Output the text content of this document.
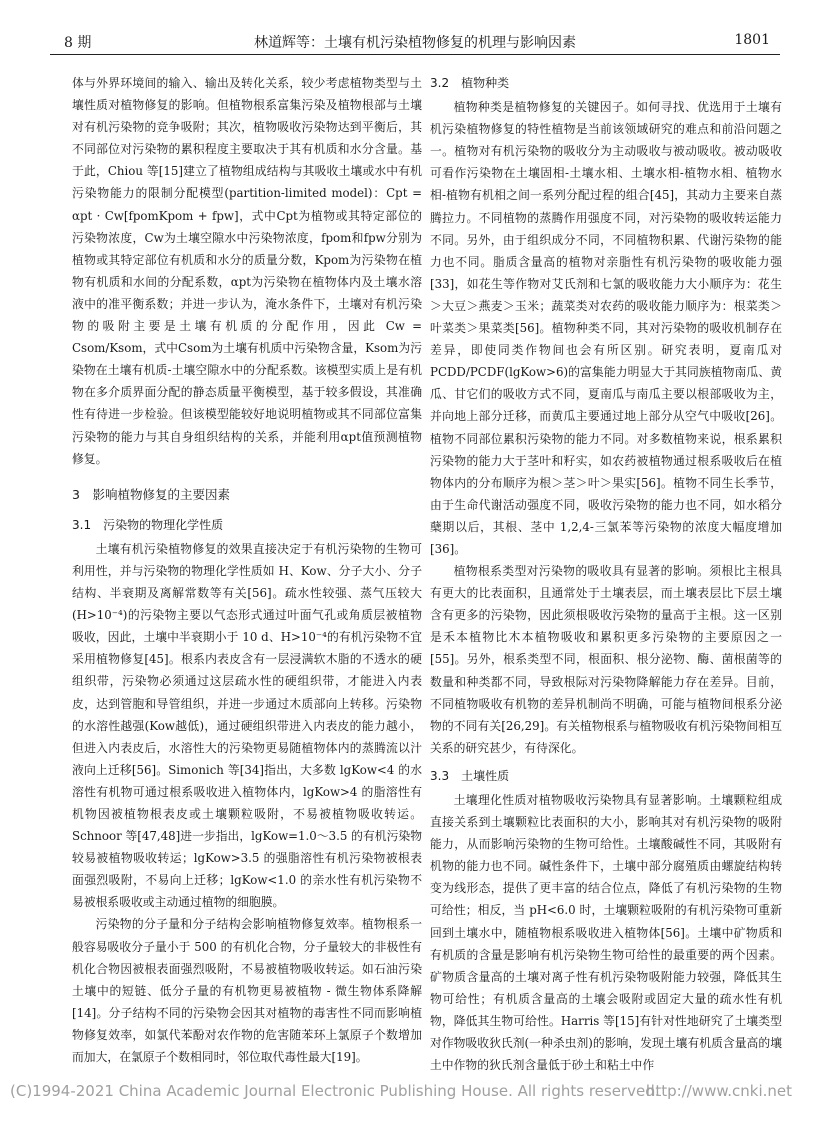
8 期	林道辉等：土壤有机污染植物修复的机理与影响因素	1801

体与外界环境间的输入、输出及转化关系，较少考虑植物类型与土壤性质对植物修复的影响。但植物根系富集污染及植物根部与土壤对有机污染物的竞争吸附；其次，植物吸收污染物达到平衡后，其不同部位对污染物的累积程度主要取决于其有机质和水分含量。基于此，Chiou 等[15]建立了植物组成结构与其吸收土壤或水中有机污染物能力的限制分配模型(partition-limited model)：Cpt = αpt · Cw[fpomKpom + fpw]，式中Cpt为植物或其特定部位的污染物浓度，Cw为土壤空隙水中污染物浓度，fpom和fpw分别为植物或其特定部位有机质和水分的质量分数，Kpom为污染物在植物有机质和水间的分配系数，αpt为污染物在植物体内及土壤水溶液中的准平衡系数；并进一步认为，淹水条件下，土壤对有机污染物的吸附主要是土壤有机质的分配作用，因此 Cw = Csom/Ksom，式中Csom为土壤有机质中污染物含量，Ksom为污染物在土壤有机质-土壤空隙水中的分配系数。该模型实质上是有机物在多介质界面分配的静态质量平衡模型，基于较多假设，其准确性有待进一步检验。但该模型能较好地说明植物或其不同部位富集污染物的能力与其自身组织结构的关系，并能利用αpt值预测植物修复。

3　影响植物修复的主要因素
3.1　污染物的物理化学性质

土壤有机污染植物修复的效果直接决定于有机污染物的生物可利用性，并与污染物的物理化学性质如 H、Kow、分子大小、分子结构、半衰期及离解常数等有关[56]。疏水性较强、蒸气压较大(H>10⁻⁴)的污染物主要以气态形式通过叶面气孔或角质层被植物吸收，因此，土壤中半衰期小于 10 d、H>10⁻⁴的有机污染物不宜采用植物修复[45]。根系内表皮含有一层浸满软木脂的不透水的硬组织带，污染物必须通过这层疏水性的硬组织带，才能进入内表皮，达到管胞和导管组织，并进一步通过木质部向上转移。污染物的水溶性越强(Kow越低)，通过硬组织带进入内表皮的能力越小，但进入内表皮后，水溶性大的污染物更易随植物体内的蒸腾流以汁液向上迁移[56]。Simonich 等[34]指出，大多数 lgKow<4 的水溶性有机物可通过根系吸收进入植物体内，lgKow>4 的脂溶性有机物因被植物根表皮或土壤颗粒吸附，不易被植物吸收转运。Schnoor 等[47,48]进一步指出，lgKow=1.0～3.5 的有机污染物较易被植物吸收转运；lgKow>3.5 的强脂溶性有机污染物被根表面强烈吸附，不易向上迁移；lgKow<1.0 的亲水性有机污染物不易被根系吸收或主动通过植物的细胞膜。

污染物的分子量和分子结构会影响植物修复效率。植物根系一般容易吸收分子量小于 500 的有机化合物，分子量较大的非极性有机化合物因被根表面强烈吸附，不易被植物吸收转运。如石油污染土壤中的短链、低分子量的有机物更易被植物 - 微生物体系降解[14]。分子结构不同的污染物会因其对植物的毒害性不同而影响植物修复效率，如氯代苯酚对农作物的危害随苯环上氯原子个数增加而加大，在氯原子个数相同时，邻位取代毒性最大[19]。

3.2　植物种类

植物种类是植物修复的关键因子。如何寻找、优选用于土壤有机污染植物修复的特性植物是当前该领域研究的难点和前沿问题之一。植物对有机污染物的吸收分为主动吸收与被动吸收。被动吸收可看作污染物在土壤固相-土壤水相、土壤水相-植物水相、植物水相-植物有机相之间一系列分配过程的组合[45]，其动力主要来自蒸腾拉力。不同植物的蒸腾作用强度不同，对污染物的吸收转运能力不同。另外，由于组织成分不同，不同植物积累、代谢污染物的能力也不同。脂质含量高的植物对亲脂性有机污染物的吸收能力强[33]，如花生等作物对艾氏剂和七氯的吸收能力大小顺序为：花生＞大豆＞燕麦＞玉米；蔬菜类对农药的吸收能力顺序为：根菜类＞叶菜类＞果菜类[56]。植物种类不同，其对污染物的吸收机制存在差异，即使同类作物间也会有所区别。研究表明，夏南瓜对 PCDD/PCDF(lgKow>6)的富集能力明显大于其同族植物南瓜、黄瓜、甘它们的吸收方式不同，夏南瓜与南瓜主要以根部吸收为主，并向地上部分迁移，而黄瓜主要通过地上部分从空气中吸收[26]。植物不同部位累积污染物的能力不同。对多数植物来说，根系累积污染物的能力大于茎叶和籽实，如农药被植物通过根系吸收后在植物体内的分布顺序为根＞茎＞叶＞果实[56]。植物不同生长季节，由于生命代谢活动强度不同，吸收污染物的能力也不同，如水稻分蘖期以后，其根、茎中 1,2,4-三氯苯等污染物的浓度大幅度增加[36]。

植物根系类型对污染物的吸收具有显著的影响。须根比主根具有更大的比表面积，且通常处于土壤表层，而土壤表层比下层土壤含有更多的污染物，因此须根吸收污染物的量高于主根。这一区别是禾本植物比木本植物吸收和累积更多污染物的主要原因之一[55]。另外，根系类型不同，根面积、根分泌物、酶、菌根菌等的数量和种类都不同，导致根际对污染物降解能力存在差异。目前，不同植物吸收有机物的差异机制尚不明确，可能与植物间根系分泌物的不同有关[26,29]。有关植物根系与植物吸收有机污染物间相互关系的研究甚少，有待深化。

3.3　土壤性质

土壤理化性质对植物吸收污染物具有显著影响。土壤颗粒组成直接关系到土壤颗粒比表面积的大小，影响其对有机污染物的吸附能力，从而影响污染物的生物可给性。土壤酸碱性不同，其吸附有机物的能力也不同。碱性条件下，土壤中部分腐殖质由螺旋结构转变为线形态，提供了更丰富的结合位点，降低了有机污染物的生物可给性；相反，当 pH<6.0 时，土壤颗粒吸附的有机污染物可重新回到土壤水中，随植物根系吸收进入植物体[56]。土壤中矿物质和有机质的含量是影响有机污染物生物可给性的最重要的两个因素。矿物质含量高的土壤对离子性有机污染物吸附能力较强，降低其生物可给性；有机质含量高的土壤会吸附或固定大量的疏水性有机物，降低其生物可给性。Harris 等[15]有针对性地研究了土壤类型对作物吸收狄氏剂(一种杀虫剂)的影响，发现土壤有机质含量高的壤土中作物的狄氏剂含量低于砂土和粘土中作

(C)1994-2021 China Academic Journal Electronic Publishing House. All rights reserved.
http://www.cnki.net
